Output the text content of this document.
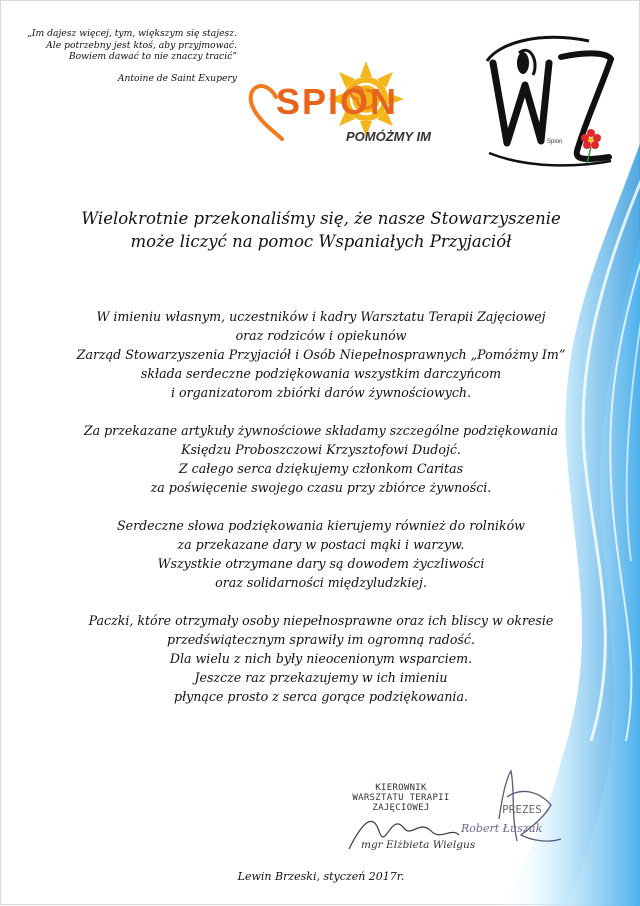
„Im dajesz więcej, tym, większym się stajesz.
Ale potrzebny jest ktoś, aby przyjmować.
Bowiem dawać to nie znaczy tracić”
Antoine de Saint Exupery
SPION
POMÓŻMY IM	Spion
Wielokrotnie przekonaliśmy się, że nasze Stowarzyszenie
może liczyć na pomoc Wspaniałych Przyjaciół
W imieniu własnym, uczestników i kadry Warsztatu Terapii Zajęciowej
oraz rodziców i opiekunów
Zarząd Stowarzyszenia Przyjaciół i Osób Niepełnosprawnych „Pomóżmy Im”
składa serdeczne podziękowania wszystkim darczyńcom
i organizatorom zbiórki darów żywnościowych.
Za przekazane artykuły żywnościowe składamy szczególne podziękowania
Księdzu Proboszczowi Krzysztofowi Dudojć.
Z całego serca dziękujemy członkom Caritas
za poświęcenie swojego czasu przy zbiórce żywności.
Serdeczne słowa podziękowania kierujemy również do rolników
za przekazane dary w postaci mąki i warzyw.
Wszystkie otrzymane dary są dowodem życzliwości
oraz solidarności międzyludzkiej.
Paczki, które otrzymały osoby niepełnosprawne oraz ich bliscy w okresie
przedświątecznym sprawiły im ogromną radość.
Dla wielu z nich były nieocenionym wsparciem.
Jeszcze raz przekazujemy w ich imieniu
płynące prosto z serca gorące podziękowania.
KIEROWNIK
WARSZTATU TERAPII
ZAJĘCIOWEJ
mgr Elżbieta Wielgus
PREZES
Robert Łuszuk
Lewin Brzeski, styczeń 2017r.
